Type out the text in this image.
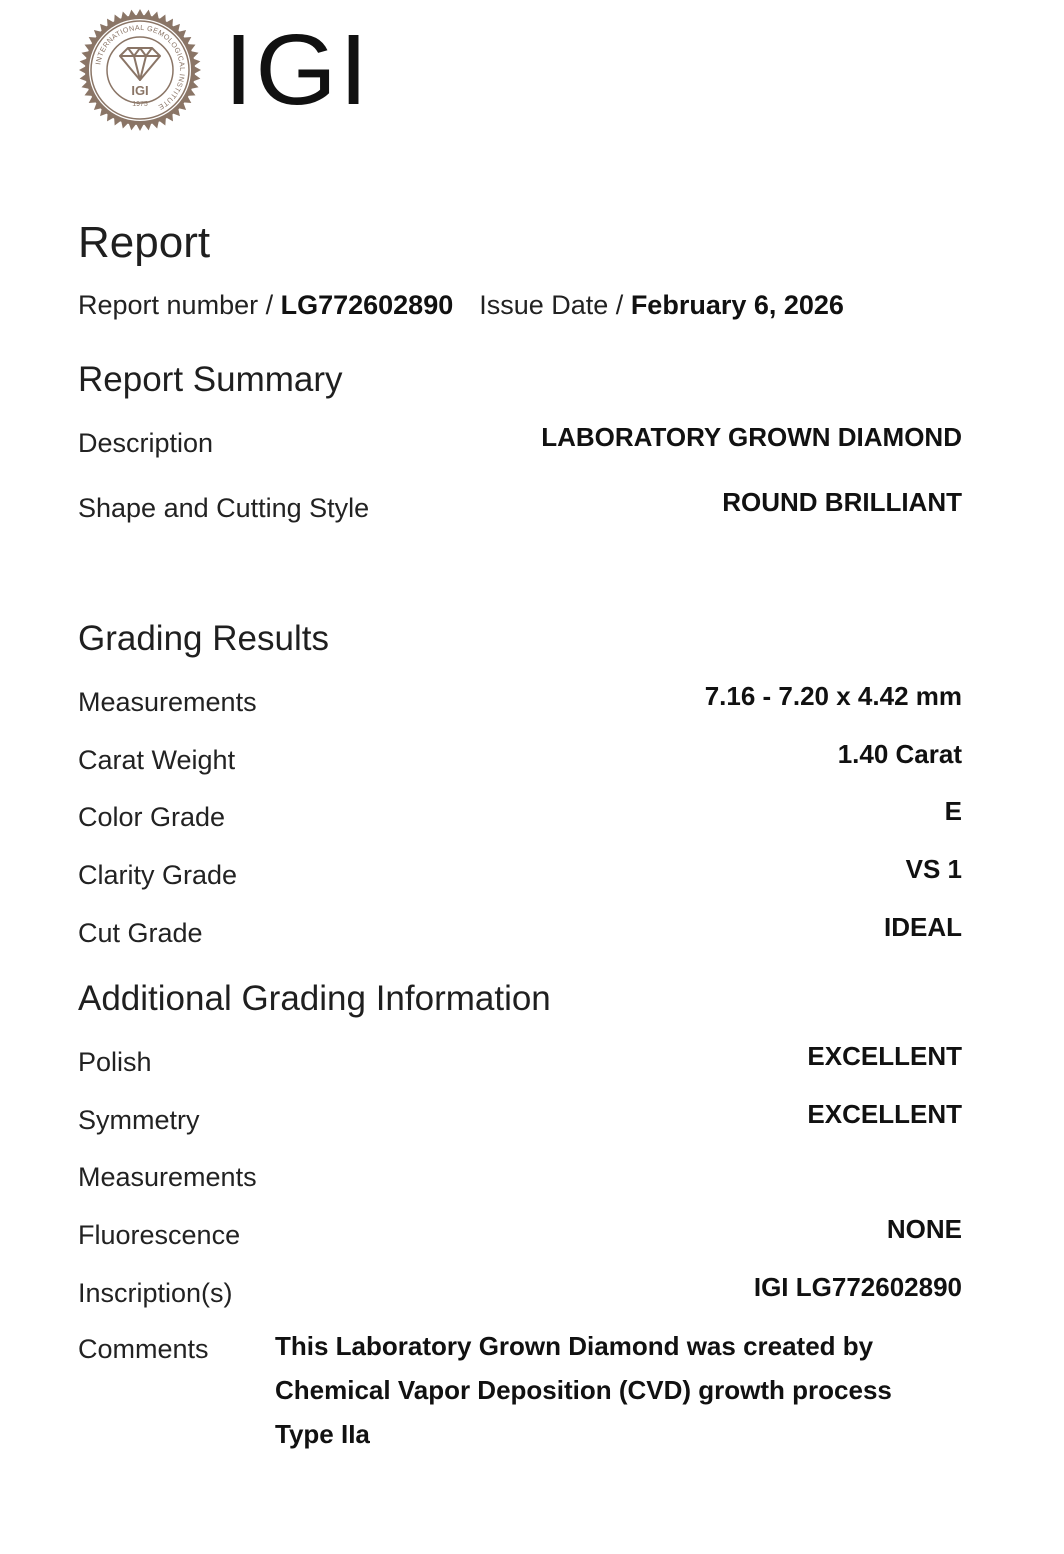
INTERNATIONAL GEMOLOGICAL INSTITUTE
IGI
1975 IGI
Report
Report number / LG772602890 Issue Date / February 6, 2026
Report Summary
Description	LABORATORY GROWN DIAMOND
Shape and Cutting Style	ROUND BRILLIANT
Grading Results
Measurements	7.16 - 7.20 x 4.42 mm
Carat Weight	1.40 Carat
Color Grade	E
Clarity Grade	VS 1
Cut Grade	IDEAL
Additional Grading Information
Polish	EXCELLENT
Symmetry	EXCELLENT
Measurements
Fluorescence	NONE
Inscription(s)	IGI LG772602890
Comments	This Laboratory Grown Diamond was created by
Chemical Vapor Deposition (CVD) growth process
Type IIa
